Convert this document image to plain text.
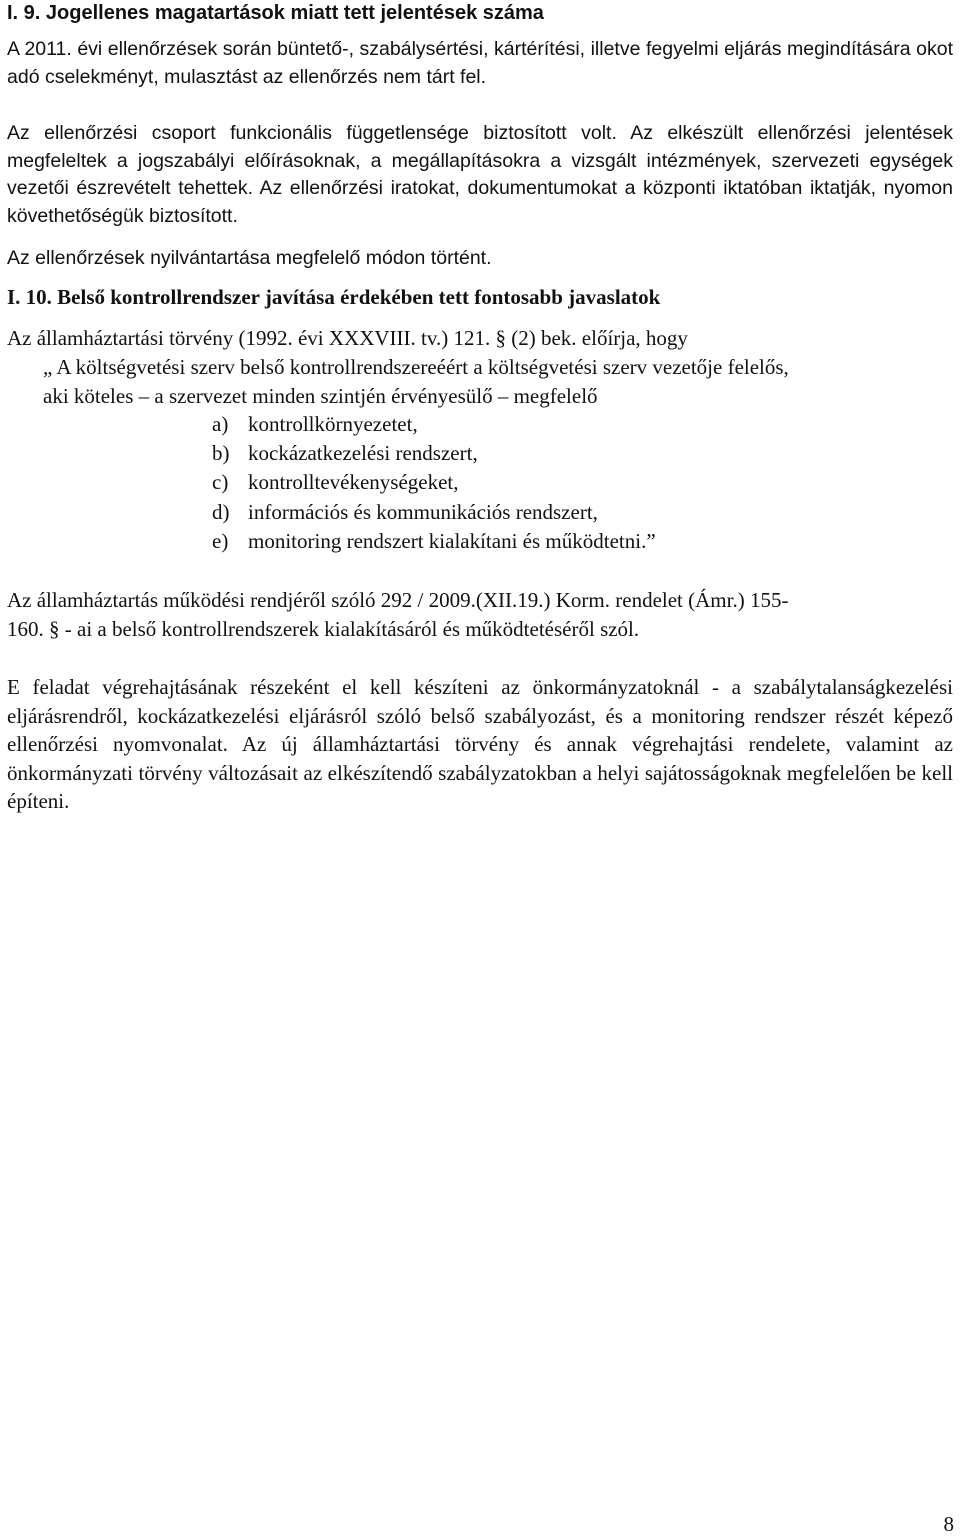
I. 9. Jogellenes magatartások miatt tett jelentések száma
A 2011. évi ellenőrzések során büntető-, szabálysértési, kártérítési, illetve fegyelmi eljárás megindítására okot adó cselekményt, mulasztást az ellenőrzés nem tárt fel.
Az ellenőrzési csoport funkcionális függetlensége biztosított volt. Az elkészült ellenőrzési jelentések megfeleltek a jogszabályi előírásoknak, a megállapításokra a vizsgált intézmények, szervezeti egységek vezetői észrevételt tehettek. Az ellenőrzési iratokat, dokumentumokat a központi iktatóban iktatják, nyomon követhetőségük biztosított.
Az ellenőrzések nyilvántartása megfelelő módon történt.
I. 10. Belső kontrollrendszer javítása érdekében tett fontosabb javaslatok
Az államháztartási törvény (1992. évi XXXVIII. tv.) 121. § (2) bek. előírja, hogy
„ A költségvetési szerv belső kontrollrendszereéért a költségvetési szerv vezetője felelős,
aki köteles – a szervezet minden szintjén érvényesülő – megfelelő
a) kontrollkörnyezetet,
b) kockázatkezelési rendszert,
c) kontrolltevékenységeket,
d) információs és kommunikációs rendszert,
e) monitoring rendszert kialakítani és működtetni.”
Az államháztartás működési rendjéről szóló 292 / 2009.(XII.19.) Korm. rendelet (Ámr.) 155-
160. § - ai a belső kontrollrendszerek kialakításáról és működtetéséről szól.
E feladat végrehajtásának részeként el kell készíteni az önkormányzatoknál - a szabálytalanságkezelési eljárásrendről, kockázatkezelési eljárásról szóló belső szabályozást, és a monitoring rendszer részét képező ellenőrzési nyomvonalat. Az új államháztartási törvény és annak végrehajtási rendelete, valamint az önkormányzati törvény változásait az elkészítendő szabályzatokban a helyi sajátosságoknak megfelelően be kell építeni.
8
